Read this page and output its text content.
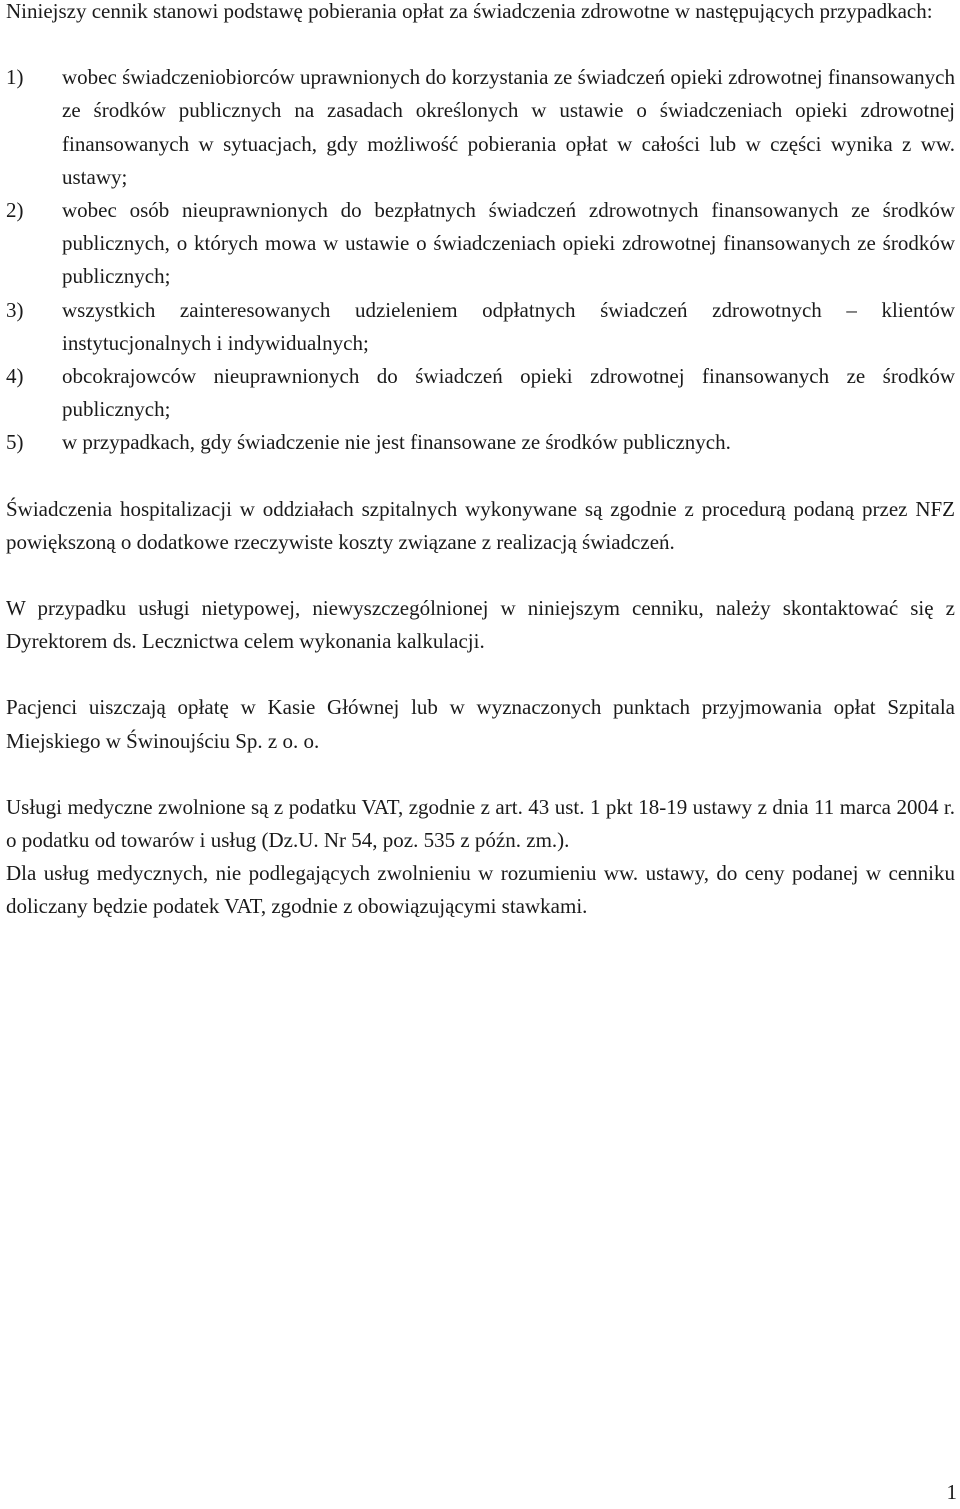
Niniejszy cennik stanowi podstawę pobierania opłat za świadczenia zdrowotne w następujących przypadkach:

1) wobec świadczeniobiorców uprawnionych do korzystania ze świadczeń opieki zdrowotnej finansowanych ze środków publicznych na zasadach określonych w ustawie o świadczeniach opieki zdrowotnej finansowanych w sytuacjach, gdy możliwość pobierania opłat w całości lub w części wynika z ww. ustawy;
2) wobec osób nieuprawnionych do bezpłatnych świadczeń zdrowotnych finansowanych ze środków publicznych, o których mowa w ustawie o świadczeniach opieki zdrowotnej finansowanych ze środków publicznych;
3) wszystkich zainteresowanych udzieleniem odpłatnych świadczeń zdrowotnych – klientów instytucjonalnych i indywidualnych;
4) obcokrajowców nieuprawnionych do świadczeń opieki zdrowotnej finansowanych ze środków publicznych;
5) w przypadkach, gdy świadczenie nie jest finansowane ze środków publicznych.

Świadczenia hospitalizacji w oddziałach szpitalnych wykonywane są zgodnie z procedurą podaną przez NFZ powiększoną o dodatkowe rzeczywiste koszty związane z realizacją świadczeń.

W przypadku usługi nietypowej, niewyszczególnionej w niniejszym cenniku, należy skontaktować się z Dyrektorem ds. Lecznictwa celem wykonania kalkulacji.

Pacjenci uiszczają opłatę w Kasie Głównej lub w wyznaczonych punktach przyjmowania opłat Szpitala Miejskiego w Świnoujściu Sp. z o. o.

Usługi medyczne zwolnione są z podatku VAT, zgodnie z art. 43 ust. 1 pkt 18-19 ustawy z dnia 11 marca 2004 r. o podatku od towarów i usług (Dz.U. Nr 54, poz. 535 z późn. zm.).

Dla usług medycznych, nie podlegających zwolnieniu w rozumieniu ww. ustawy, do ceny podanej w cenniku doliczany będzie podatek VAT, zgodnie z obowiązującymi stawkami.

1
